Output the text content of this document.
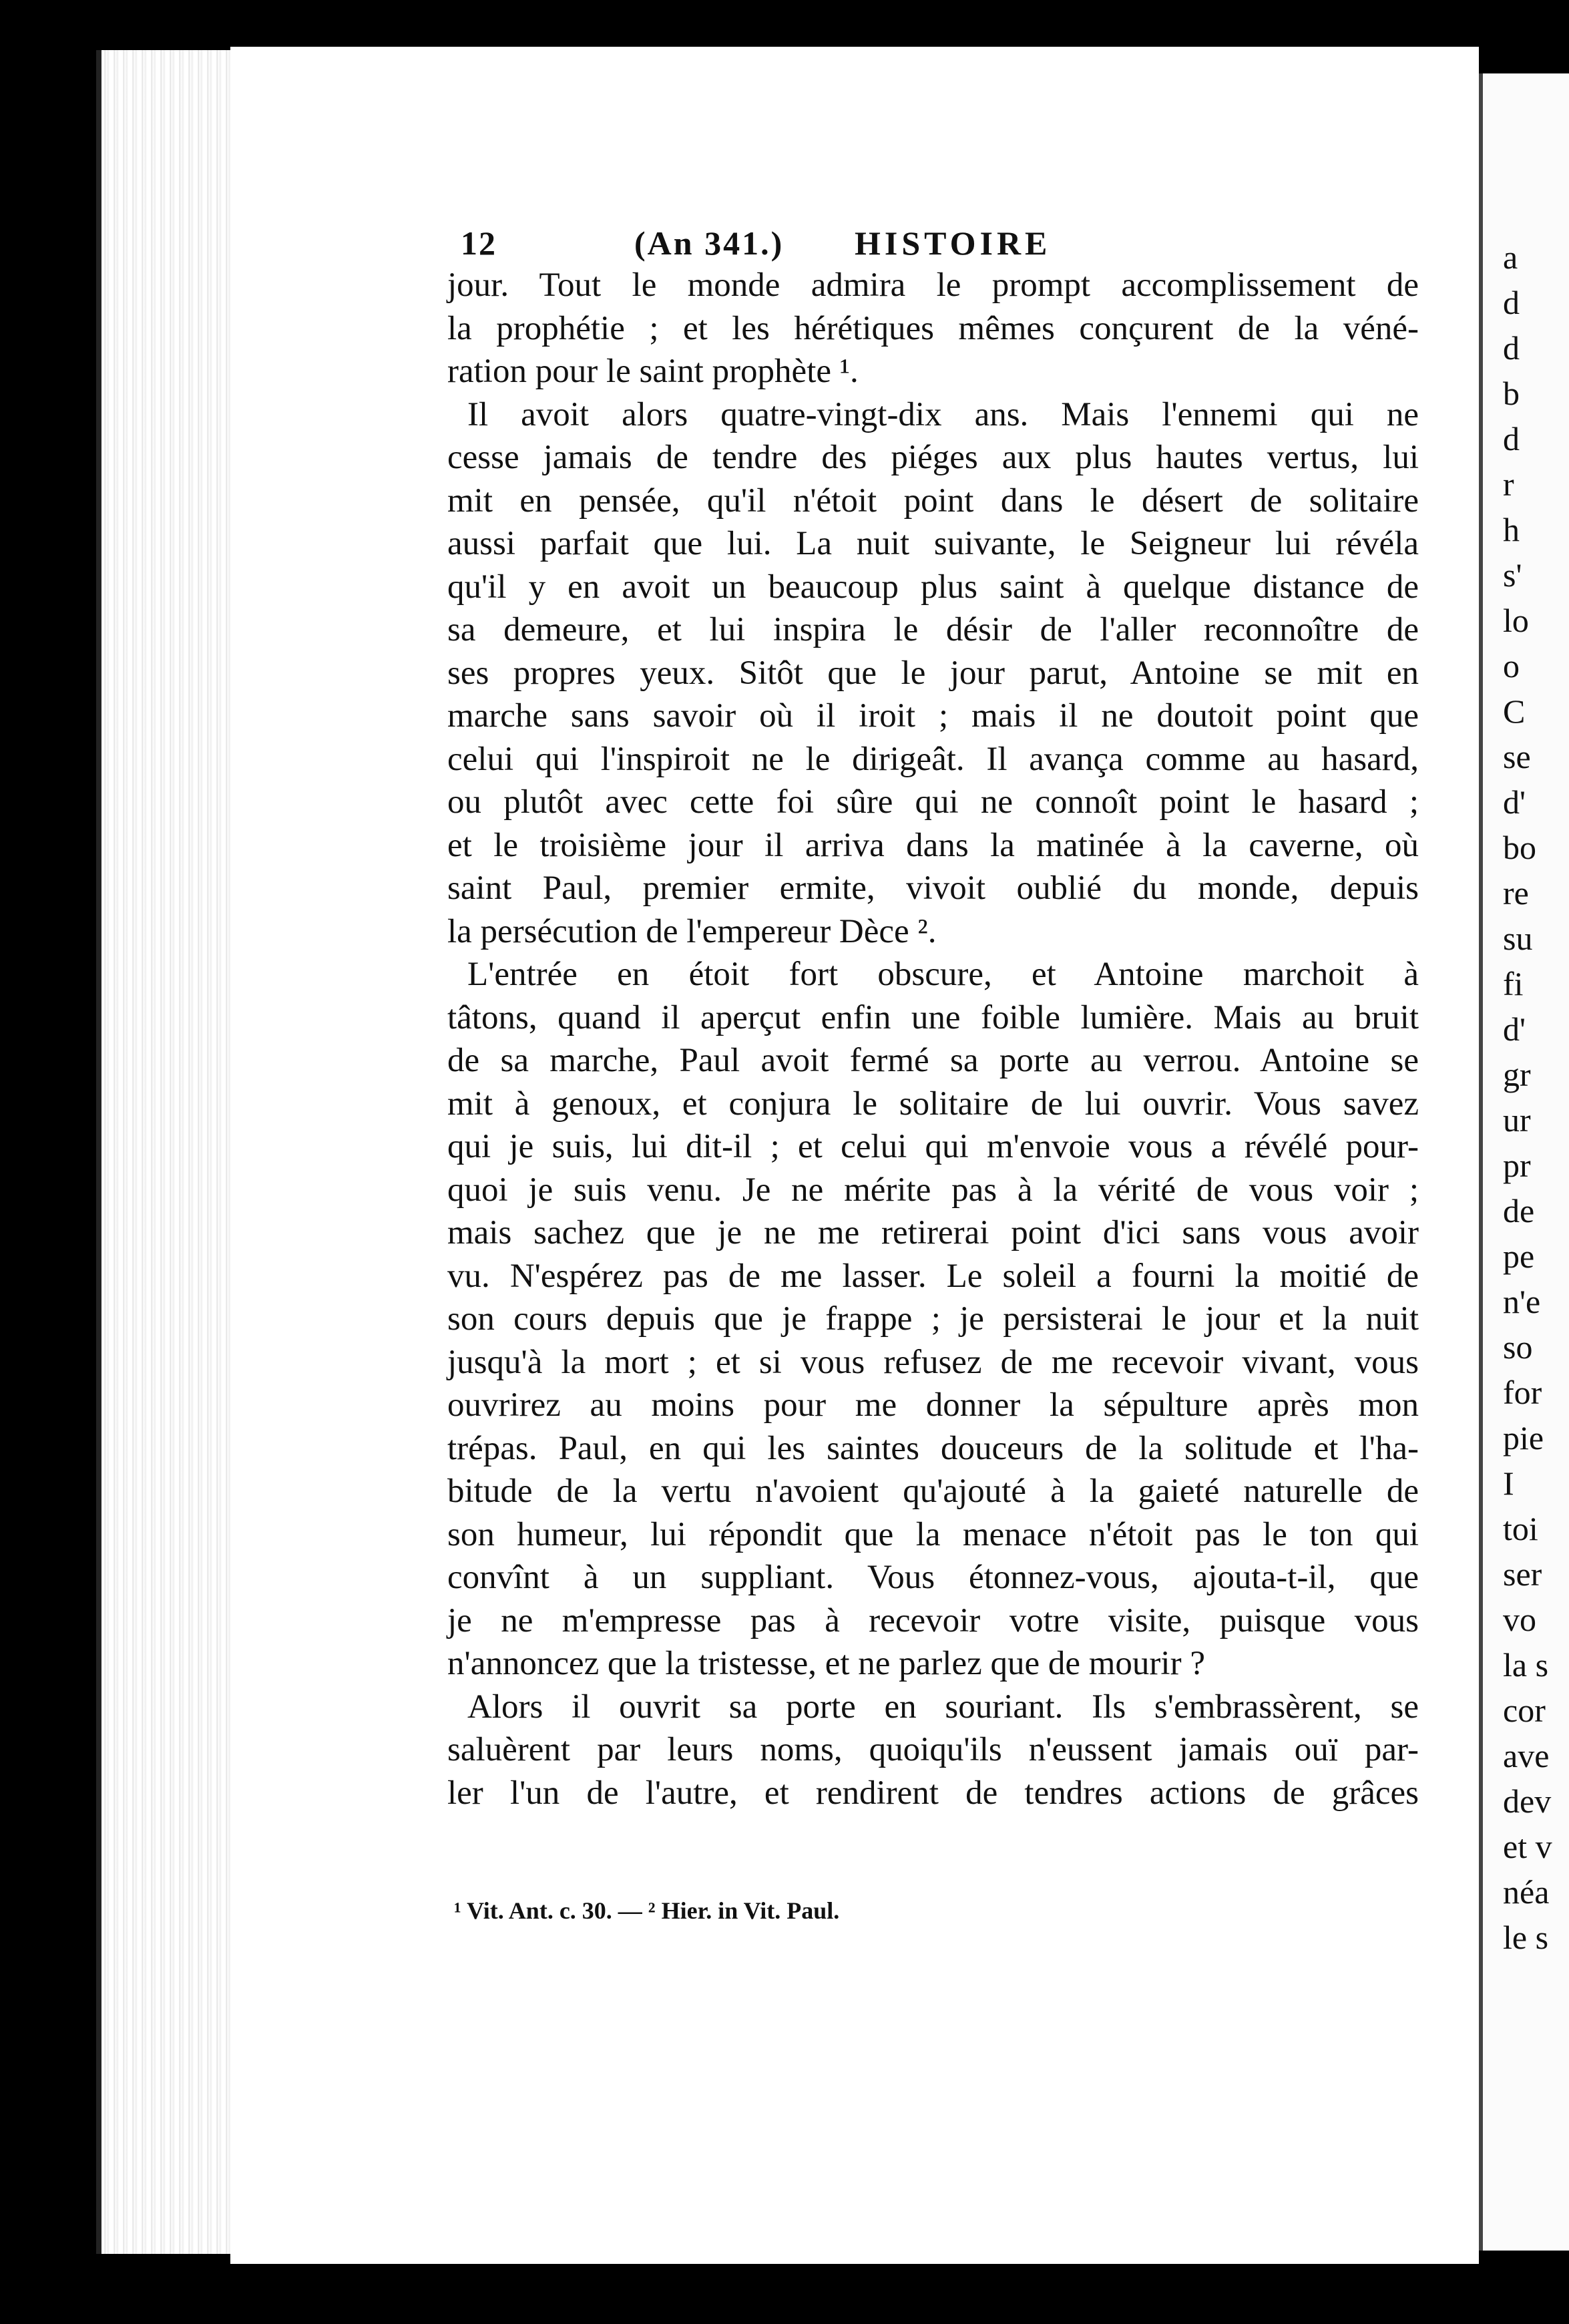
a
d
d
b
d
r
h
s'
lo
o
C
se
d'
bo
re
su
fi
d'
gr
ur
pr
de
pe
n'e
so
for
pie
I
toi
ser
vo
la s
cor
ave
dev
et v
néa
le s
12	(An 341.) HISTOIRE
jour. Tout le monde admira le prompt accomplissement de
la prophétie ; et les hérétiques mêmes conçurent de la véné-
ration pour le saint prophète ¹.
Il avoit alors quatre-vingt-dix ans. Mais l'ennemi qui ne
cesse jamais de tendre des piéges aux plus hautes vertus, lui
mit en pensée, qu'il n'étoit point dans le désert de solitaire
aussi parfait que lui. La nuit suivante, le Seigneur lui révéla
qu'il y en avoit un beaucoup plus saint à quelque distance de
sa demeure, et lui inspira le désir de l'aller reconnoître de
ses propres yeux. Sitôt que le jour parut, Antoine se mit en
marche sans savoir où il iroit ; mais il ne doutoit point que
celui qui l'inspiroit ne le dirigeât. Il avança comme au hasard,
ou plutôt avec cette foi sûre qui ne connoît point le hasard ;
et le troisième jour il arriva dans la matinée à la caverne, où
saint Paul, premier ermite, vivoit oublié du monde, depuis
la persécution de l'empereur Dèce ².
L'entrée en étoit fort obscure, et Antoine marchoit à
tâtons, quand il aperçut enfin une foible lumière. Mais au bruit
de sa marche, Paul avoit fermé sa porte au verrou. Antoine se
mit à genoux, et conjura le solitaire de lui ouvrir. Vous savez
qui je suis, lui dit-il ; et celui qui m'envoie vous a révélé pour-
quoi je suis venu. Je ne mérite pas à la vérité de vous voir ;
mais sachez que je ne me retirerai point d'ici sans vous avoir
vu. N'espérez pas de me lasser. Le soleil a fourni la moitié de
son cours depuis que je frappe ; je persisterai le jour et la nuit
jusqu'à la mort ; et si vous refusez de me recevoir vivant, vous
ouvrirez au moins pour me donner la sépulture après mon
trépas. Paul, en qui les saintes douceurs de la solitude et l'ha-
bitude de la vertu n'avoient qu'ajouté à la gaieté naturelle de
son humeur, lui répondit que la menace n'étoit pas le ton qui
convînt à un suppliant. Vous étonnez-vous, ajouta-t-il, que
je ne m'empresse pas à recevoir votre visite, puisque vous
n'annoncez que la tristesse, et ne parlez que de mourir ?
Alors il ouvrit sa porte en souriant. Ils s'embrassèrent, se
saluèrent par leurs noms, quoiqu'ils n'eussent jamais ouï par-
ler l'un de l'autre, et rendirent de tendres actions de grâces
¹ Vit. Ant. c. 30. — ² Hier. in Vit. Paul.
